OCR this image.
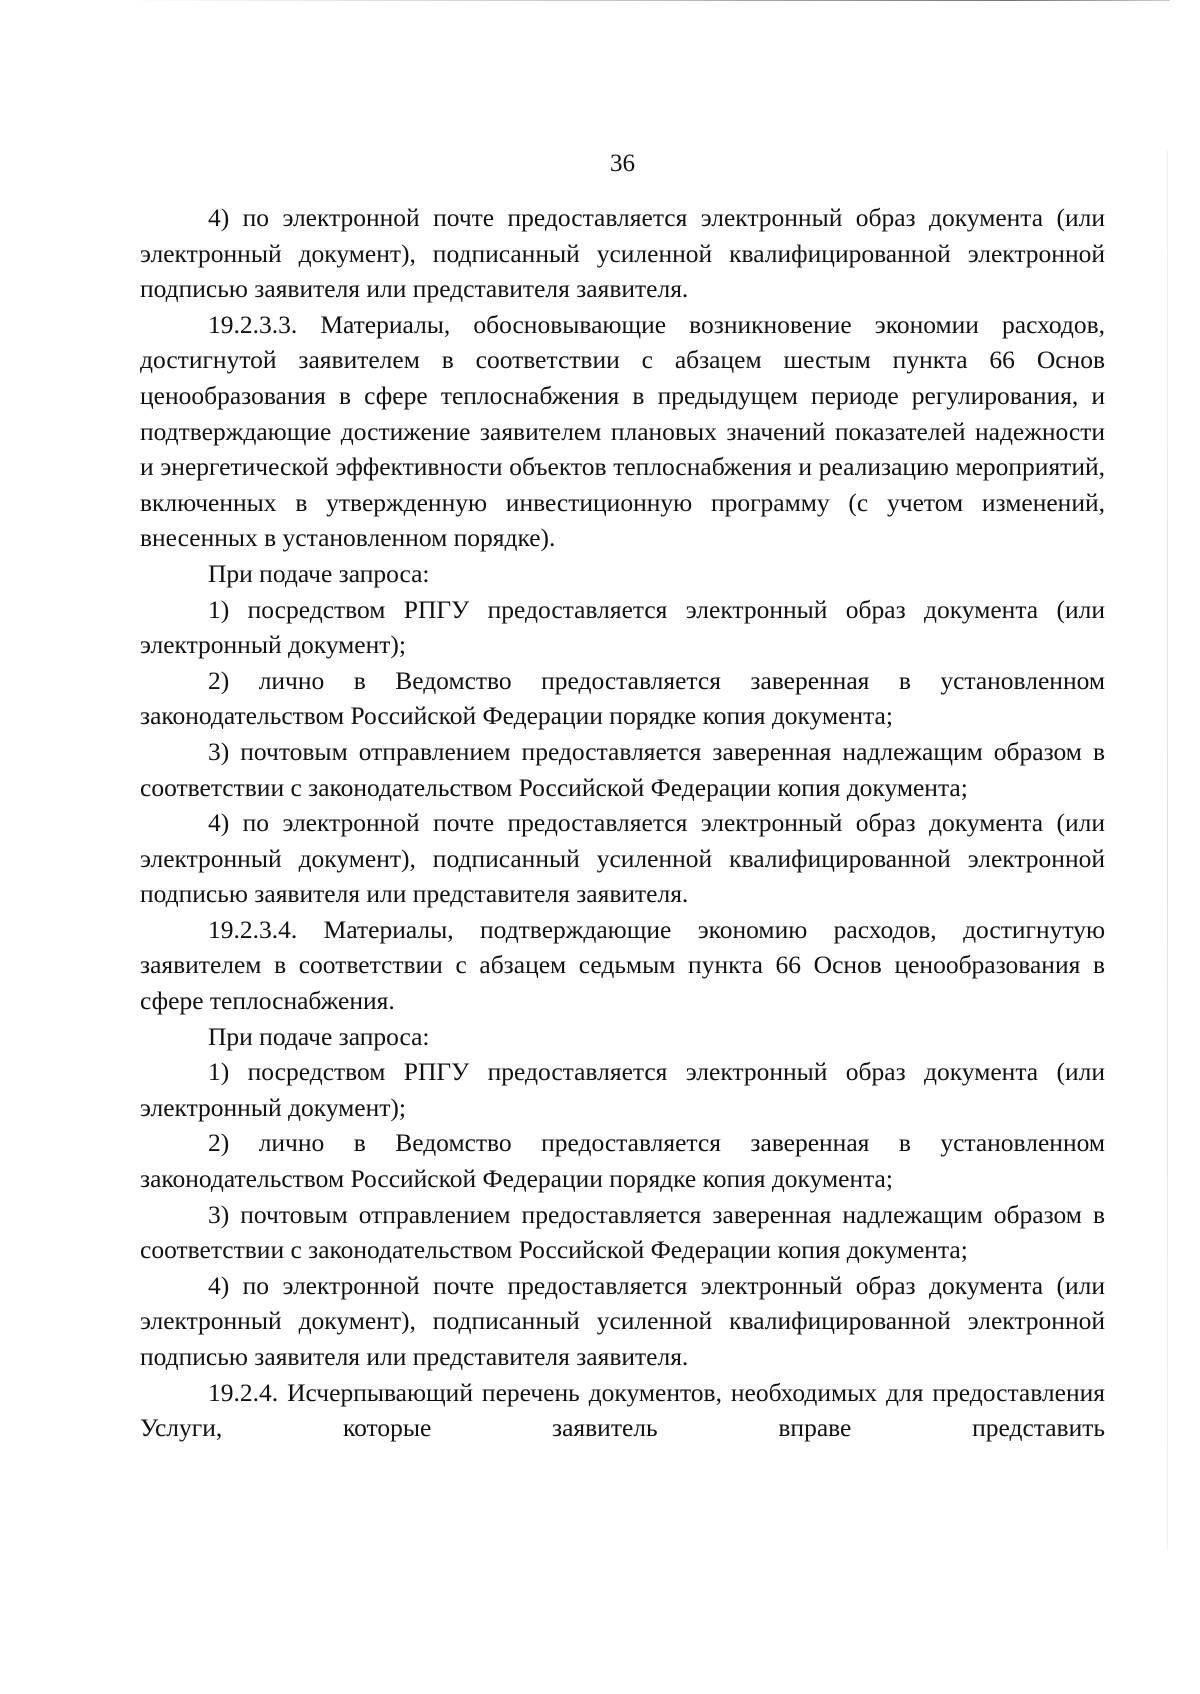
36

4) по электронной почте предоставляется электронный образ документа (или электронный документ), подписанный усиленной квалифицированной электронной подписью заявителя или представителя заявителя.

19.2.3.3. Материалы, обосновывающие возникновение экономии расходов, достигнутой заявителем в соответствии с абзацем шестым пункта 66 Основ ценообразования в сфере теплоснабжения в предыдущем периоде регулирования, и подтверждающие достижение заявителем плановых значений показателей надежности и энергетической эффективности объектов теплоснабжения и реализацию мероприятий, включенных в утвержденную инвестиционную программу (с учетом изменений, внесенных в установленном порядке).

При подаче запроса:

1) посредством РПГУ предоставляется электронный образ документа (или электронный документ);

2) лично в Ведомство предоставляется заверенная в установленном законодательством Российской Федерации порядке копия документа;

3) почтовым отправлением предоставляется заверенная надлежащим образом в соответствии с законодательством Российской Федерации копия документа;

4) по электронной почте предоставляется электронный образ документа (или электронный документ), подписанный усиленной квалифицированной электронной подписью заявителя или представителя заявителя.

19.2.3.4. Материалы, подтверждающие экономию расходов, достигнутую заявителем в соответствии с абзацем седьмым пункта 66 Основ ценообразования в сфере теплоснабжения.

При подаче запроса:

1) посредством РПГУ предоставляется электронный образ документа (или электронный документ);

2) лично в Ведомство предоставляется заверенная в установленном законодательством Российской Федерации порядке копия документа;

3) почтовым отправлением предоставляется заверенная надлежащим образом в соответствии с законодательством Российской Федерации копия документа;

4) по электронной почте предоставляется электронный образ документа (или электронный документ), подписанный усиленной квалифицированной электронной подписью заявителя или представителя заявителя.

19.2.4. Исчерпывающий перечень документов, необходимых для предоставления Услуги, которые заявитель вправе представить
